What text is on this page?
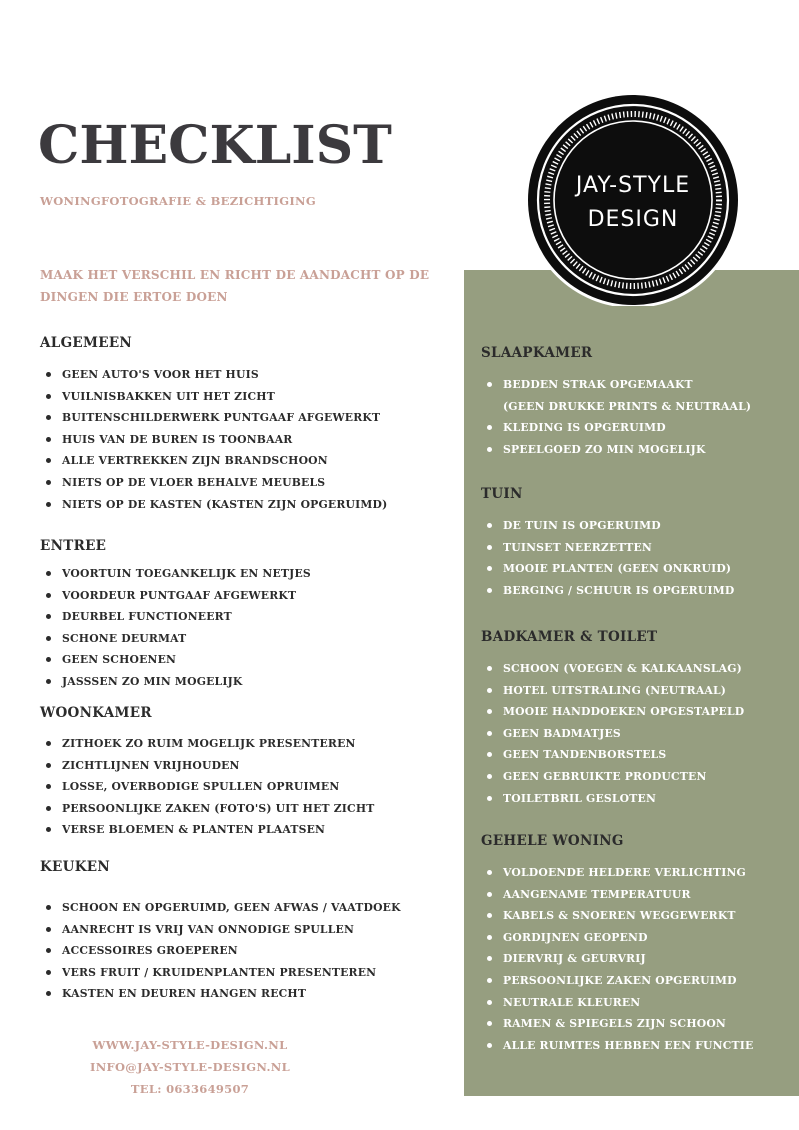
JAY-STYLE
DESIGN
CHECKLIST
WONINGFOTOGRAFIE & BEZICHTIGING
MAAK HET VERSCHIL EN RICHT DE AANDACHT OP DE
DINGEN DIE ERTOE DOEN
ALGEMEEN
GEEN AUTO'S VOOR HET HUIS
VUILNISBAKKEN UIT HET ZICHT
BUITENSCHILDERWERK PUNTGAAF AFGEWERKT
HUIS VAN DE BUREN IS TOONBAAR
ALLE VERTREKKEN ZIJN BRANDSCHOON
NIETS OP DE VLOER BEHALVE MEUBELS
NIETS OP DE KASTEN (KASTEN ZIJN OPGERUIMD)
ENTREE
VOORTUIN TOEGANKELIJK EN NETJES
VOORDEUR PUNTGAAF AFGEWERKT
DEURBEL FUNCTIONEERT
SCHONE DEURMAT
GEEN SCHOENEN
JASSSEN ZO MIN MOGELIJK
WOONKAMER
ZITHOEK ZO RUIM MOGELIJK PRESENTEREN
ZICHTLIJNEN VRIJHOUDEN
LOSSE, OVERBODIGE SPULLEN OPRUIMEN
PERSOONLIJKE ZAKEN (FOTO'S) UIT HET ZICHT
VERSE BLOEMEN & PLANTEN PLAATSEN
KEUKEN
SCHOON EN OPGERUIMD, GEEN AFWAS / VAATDOEK
AANRECHT IS VRIJ VAN ONNODIGE SPULLEN
ACCESSOIRES GROEPEREN
VERS FRUIT / KRUIDENPLANTEN PRESENTEREN
KASTEN EN DEUREN HANGEN RECHT
SLAAPKAMER
BEDDEN STRAK OPGEMAAKT
(GEEN DRUKKE PRINTS & NEUTRAAL)
KLEDING IS OPGERUIMD
SPEELGOED ZO MIN MOGELIJK
TUIN
DE TUIN IS OPGERUIMD
TUINSET NEERZETTEN
MOOIE PLANTEN (GEEN ONKRUID)
BERGING / SCHUUR IS OPGERUIMD
BADKAMER & TOILET
SCHOON (VOEGEN & KALKAANSLAG)
HOTEL UITSTRALING (NEUTRAAL)
MOOIE HANDDOEKEN OPGESTAPELD
GEEN BADMATJES
GEEN TANDENBORSTELS
GEEN GEBRUIKTE PRODUCTEN
TOILETBRIL GESLOTEN
GEHELE WONING
VOLDOENDE HELDERE VERLICHTING
AANGENAME TEMPERATUUR
KABELS & SNOEREN WEGGEWERKT
GORDIJNEN GEOPEND
DIERVRIJ & GEURVRIJ
PERSOONLIJKE ZAKEN OPGERUIMD
NEUTRALE KLEUREN
RAMEN & SPIEGELS ZIJN SCHOON
ALLE RUIMTES HEBBEN EEN FUNCTIE
WWW.JAY-STYLE-DESIGN.NL
INFO@JAY-STYLE-DESIGN.NL
TEL: 0633649507
